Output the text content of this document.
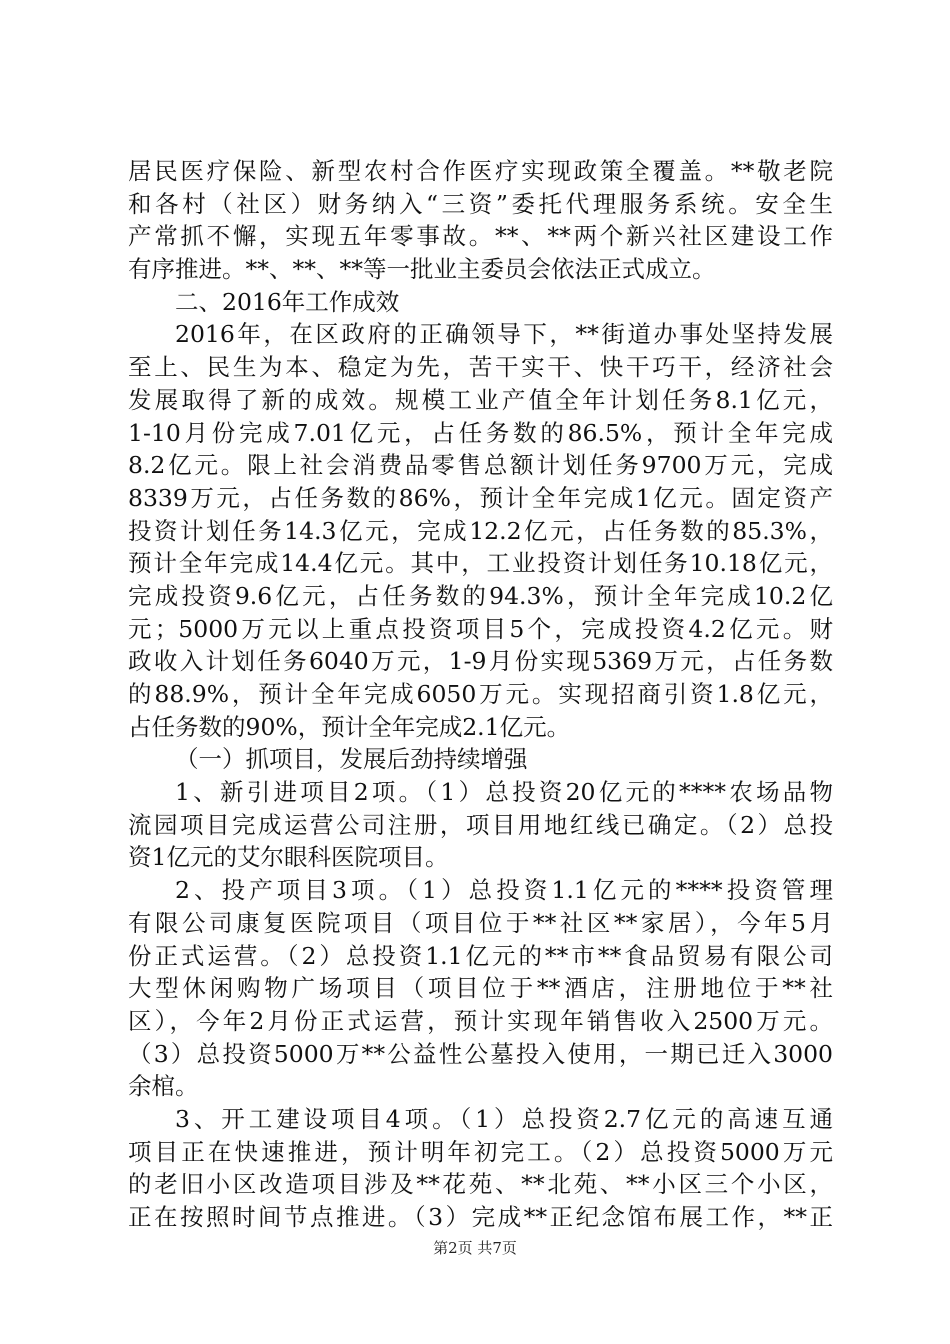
居民医疗保险、新型农村合作医疗实现政策全覆盖。**敬老院
和各村（社区）财务纳入“三资”委托代理服务系统。安全生
产常抓不懈，实现五年零事故。**、**两个新兴社区建设工作
有序推进。**、**、**等一批业主委员会依法正式成立。
二、2016年工作成效
2016年，在区政府的正确领导下，**街道办事处坚持发展
至上、民生为本、稳定为先，苦干实干、快干巧干，经济社会
发展取得了新的成效。规模工业产值全年计划任务8.1亿元，
1-10月份完成7.01亿元，占任务数的86.5%，预计全年完成
8.2亿元。限上社会消费品零售总额计划任务9700万元，完成
8339万元，占任务数的86%，预计全年完成1亿元。固定资产
投资计划任务14.3亿元，完成12.2亿元，占任务数的85.3%，
预计全年完成14.4亿元。其中，工业投资计划任务10.18亿元，
完成投资9.6亿元，占任务数的94.3%，预计全年完成10.2亿
元；5000万元以上重点投资项目5个，完成投资4.2亿元。财
政收入计划任务6040万元，1-9月份实现5369万元，占任务数
的88.9%，预计全年完成6050万元。实现招商引资1.8亿元，
占任务数的90%，预计全年完成2.1亿元。
（一）抓项目，发展后劲持续增强
1、新引进项目2项。（1）总投资20亿元的****农场品物
流园项目完成运营公司注册，项目用地红线已确定。（2）总投
资1亿元的艾尔眼科医院项目。
2、投产项目3项。（1）总投资1.1亿元的****投资管理
有限公司康复医院项目（项目位于**社区**家居），今年5月
份正式运营。（2）总投资1.1亿元的**市**食品贸易有限公司
大型休闲购物广场项目（项目位于**酒店，注册地位于**社
区），今年2月份正式运营，预计实现年销售收入2500万元。
（3）总投资5000万**公益性公墓投入使用，一期已迁入3000
余棺。
3、开工建设项目4项。（1）总投资2.7亿元的高速互通
项目正在快速推进，预计明年初完工。（2）总投资5000万元
的老旧小区改造项目涉及**花苑、**北苑、**小区三个小区，
正在按照时间节点推进。（3）完成**正纪念馆布展工作，**正
第2页 共7页
